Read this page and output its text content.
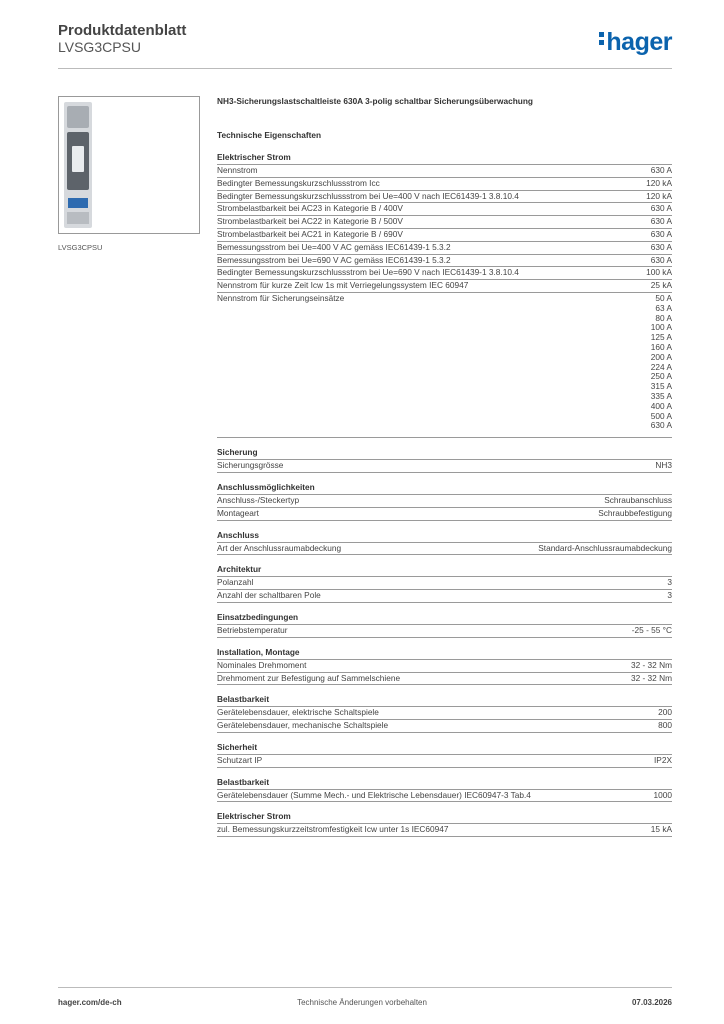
Produktdatenblatt
LVSG3CPSU	hager
LVSG3CPSU
NH3-Sicherungslastschaltleiste 630A 3-polig schaltbar Sicherungsüberwachung
Technische Eigenschaften
Elektrischer Strom
Nennstrom	630 A
Bedingter Bemessungskurzschlussstrom Icc	120 kA
Bedingter Bemessungskurzschlussstrom bei Ue=400 V nach IEC61439-1 3.8.10.4	120 kA
Strombelastbarkeit bei AC23 in Kategorie B / 400V	630 A
Strombelastbarkeit bei AC22 in Kategorie B / 500V	630 A
Strombelastbarkeit bei AC21 in Kategorie B / 690V	630 A
Bemessungsstrom bei Ue=400 V AC gemäss IEC61439-1 5.3.2	630 A
Bemessungsstrom bei Ue=690 V AC gemäss IEC61439-1 5.3.2	630 A
Bedingter Bemessungskurzschlussstrom bei Ue=690 V nach IEC61439-1 3.8.10.4	100 kA
Nennstrom für kurze Zeit Icw 1s mit Verriegelungssystem IEC 60947	25 kA
Nennstrom für Sicherungseinsätze	50 A
63 A
80 A
100 A
125 A
160 A
200 A
224 A
250 A
315 A
335 A
400 A
500 A
630 A
Sicherung
Sicherungsgrösse	NH3
Anschlussmöglichkeiten
Anschluss-/Steckertyp	Schraubanschluss
Montageart	Schraubbefestigung
Anschluss
Art der Anschlussraumabdeckung	Standard-Anschlussraumabdeckung
Architektur
Polanzahl	3
Anzahl der schaltbaren Pole	3
Einsatzbedingungen
Betriebstemperatur	-25 - 55 °C
Installation, Montage
Nominales Drehmoment	32 - 32 Nm
Drehmoment zur Befestigung auf Sammelschiene	32 - 32 Nm
Belastbarkeit
Gerätelebensdauer, elektrische Schaltspiele	200
Gerätelebensdauer, mechanische Schaltspiele	800
Sicherheit
Schutzart IP	IP2X
Belastbarkeit
Gerätelebensdauer (Summe Mech.- und Elektrische Lebensdauer) IEC60947-3 Tab.4	1000
Elektrischer Strom
zul. Bemessungskurzzeitstromfestigkeit Icw unter 1s IEC60947	15 kA
hager.com/de-ch	Technische Änderungen vorbehalten	07.03.2026
